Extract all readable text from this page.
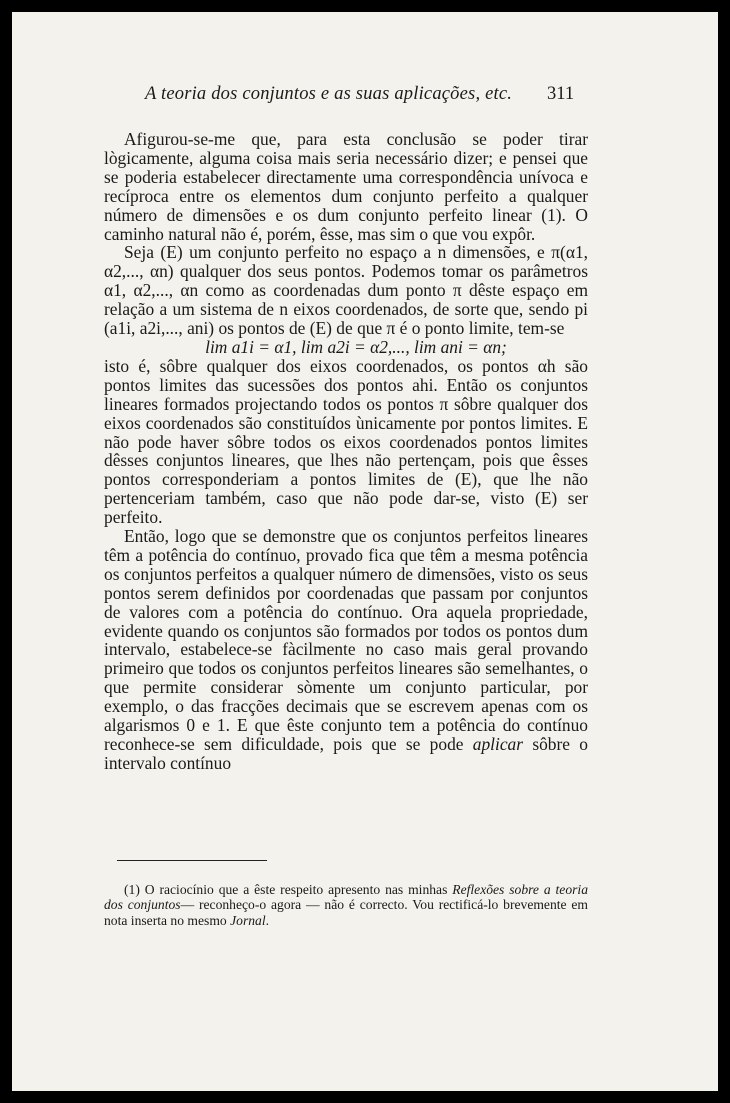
A teoria dos conjuntos e as suas aplicações, etc.	311

Afigurou-se-me que, para esta conclusão se poder tirar lògicamente, alguma coisa mais seria necessário dizer; e pensei que se poderia estabelecer directamente uma correspondência unívoca e recíproca entre os elementos dum conjunto perfeito a qualquer número de dimensões e os dum conjunto perfeito linear (1). O caminho natural não é, porém, êsse, mas sim o que vou expôr.

Seja (E) um conjunto perfeito no espaço a n dimensões, e π(α1, α2,..., αn) qualquer dos seus pontos. Podemos tomar os parâmetros α1, α2,..., αn como as coordenadas dum ponto π dêste espaço em relação a um sistema de n eixos coordenados, de sorte que, sendo pi (a1i, a2i,..., ani) os pontos de (E) de que π é o ponto limite, tem-se

lim a1i = α1, lim a2i = α2,..., lim ani = αn;

isto é, sôbre qualquer dos eixos coordenados, os pontos αh são pontos limites das sucessões dos pontos ahi. Então os conjuntos lineares formados projectando todos os pontos π sôbre qualquer dos eixos coordenados são constituídos ùnicamente por pontos limites. E não pode haver sôbre todos os eixos coordenados pontos limites dêsses conjuntos lineares, que lhes não pertençam, pois que êsses pontos corresponderiam a pontos limites de (E), que lhe não pertenceriam também, caso que não pode dar-se, visto (E) ser perfeito.

Então, logo que se demonstre que os conjuntos perfeitos lineares têm a potência do contínuo, provado fica que têm a mesma potência os conjuntos perfeitos a qualquer número de dimensões, visto os seus pontos serem definidos por coordenadas que passam por conjuntos de valores com a potência do contínuo. Ora aquela propriedade, evidente quando os conjuntos são formados por todos os pontos dum intervalo, estabelece-se fàcilmente no caso mais geral provando primeiro que todos os conjuntos perfeitos lineares são semelhantes, o que permite considerar sòmente um conjunto particular, por exemplo, o das fracções decimais que se escrevem apenas com os algarismos 0 e 1. E que êste conjunto tem a potência do contínuo reconhece-se sem dificuldade, pois que se pode aplicar sôbre o intervalo contínuo

(1) O raciocínio que a êste respeito apresento nas minhas Reflexões sobre a teoria dos conjuntos— reconheço-o agora — não é correcto. Vou rectificá-lo brevemente em nota inserta no mesmo Jornal.
